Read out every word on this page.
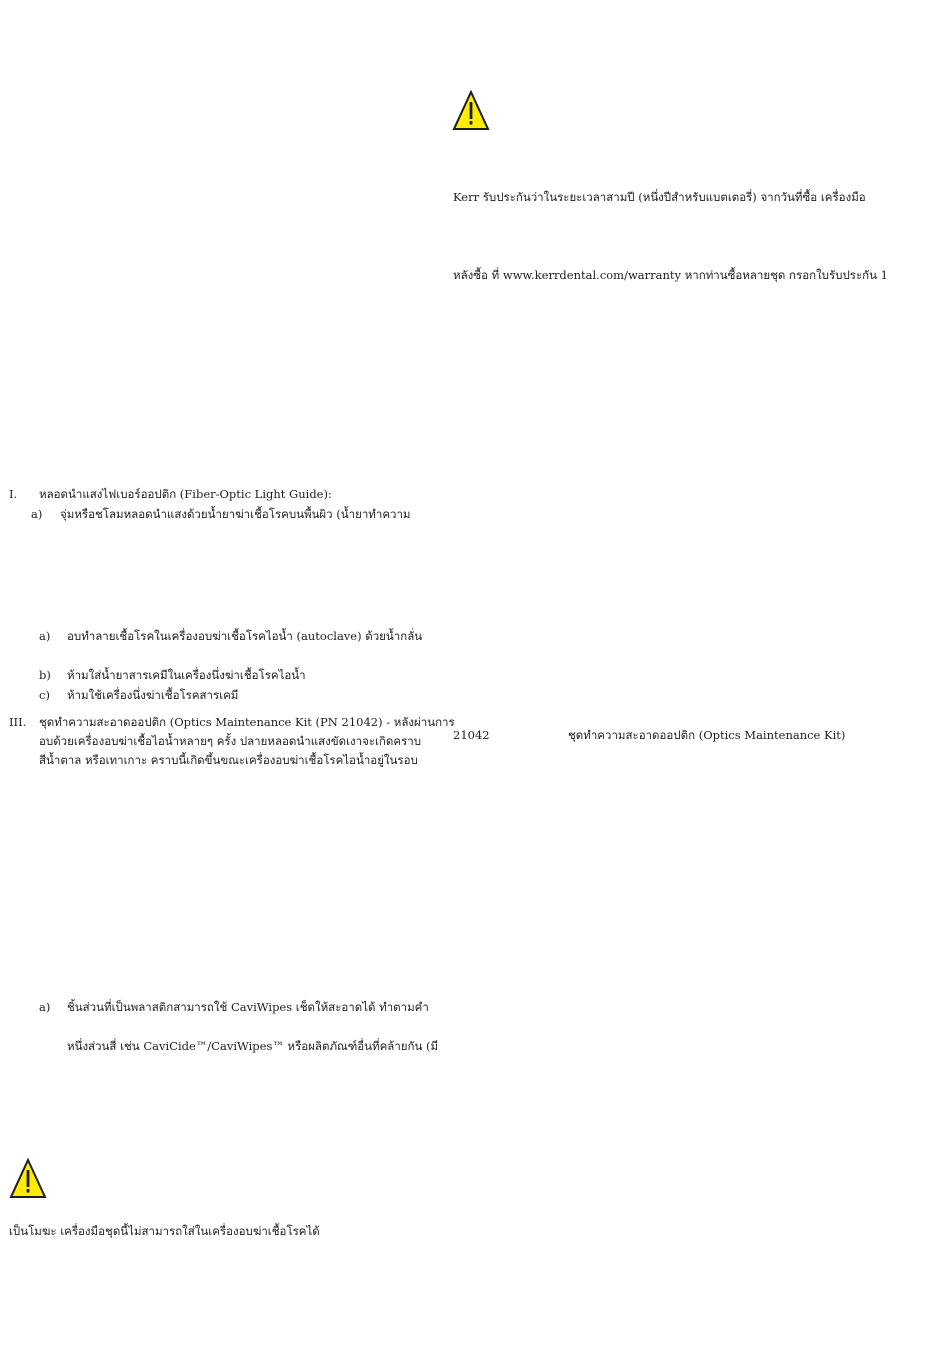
Kerr รับประกันว่าในระยะเวลาสามปี (หนึ่งปีสำหรับแบตเตอรี่) จากวันที่ซื้อ เครื่องมือ
หลังซื้อ ที่ www.kerrdental.com/warranty หากท่านซื้อหลายชุด กรอกใบรับประกัน 1
I. หลอดนำแสงไฟเบอร์ออปติก (Fiber-Optic Light Guide):
a) จุ่มหรือชโลมหลอดนำแสงด้วยน้ำยาฆ่าเชื้อโรคบนพื้นผิว (น้ำยาทำความ
a) อบทำลายเชื้อโรคในเครื่องอบฆ่าเชื้อโรคไอน้ำ (autoclave) ด้วยน้ำกลั่น
b) ห้ามใส่น้ำยาสารเคมีในเครื่องนึ่งฆ่าเชื้อโรคไอน้ำ
c) ห้ามใช้เครื่องนึ่งฆ่าเชื้อโรคสารเคมี
III. ชุดทำความสะอาดออปติก (Optics Maintenance Kit (PN 21042) - หลังผ่านการ
อบด้วยเครื่องอบฆ่าเชื้อไอน้ำหลายๆ ครั้ง ปลายหลอดนำแสงขัดเงาจะเกิดคราบ
สีน้ำตาล หรือเทาเกาะ คราบนี้เกิดขึ้นขณะเครื่องอบฆ่าเชื้อโรคไอน้ำอยู่ในรอบ
21042	ชุดทำความสะอาดออปติก (Optics Maintenance Kit)
a) ชิ้นส่วนที่เป็นพลาสติกสามารถใช้ CaviWipes เช็ดให้สะอาดได้ ทำตามคำ
หนึ่งส่วนสี่ เช่น CaviCide™/CaviWipes™ หรือผลิตภัณฑ์อื่นที่คล้ายกัน (มี
เป็นโมฆะ เครื่องมือชุดนี้ไม่สามารถใส่ในเครื่องอบฆ่าเชื้อโรคได้
